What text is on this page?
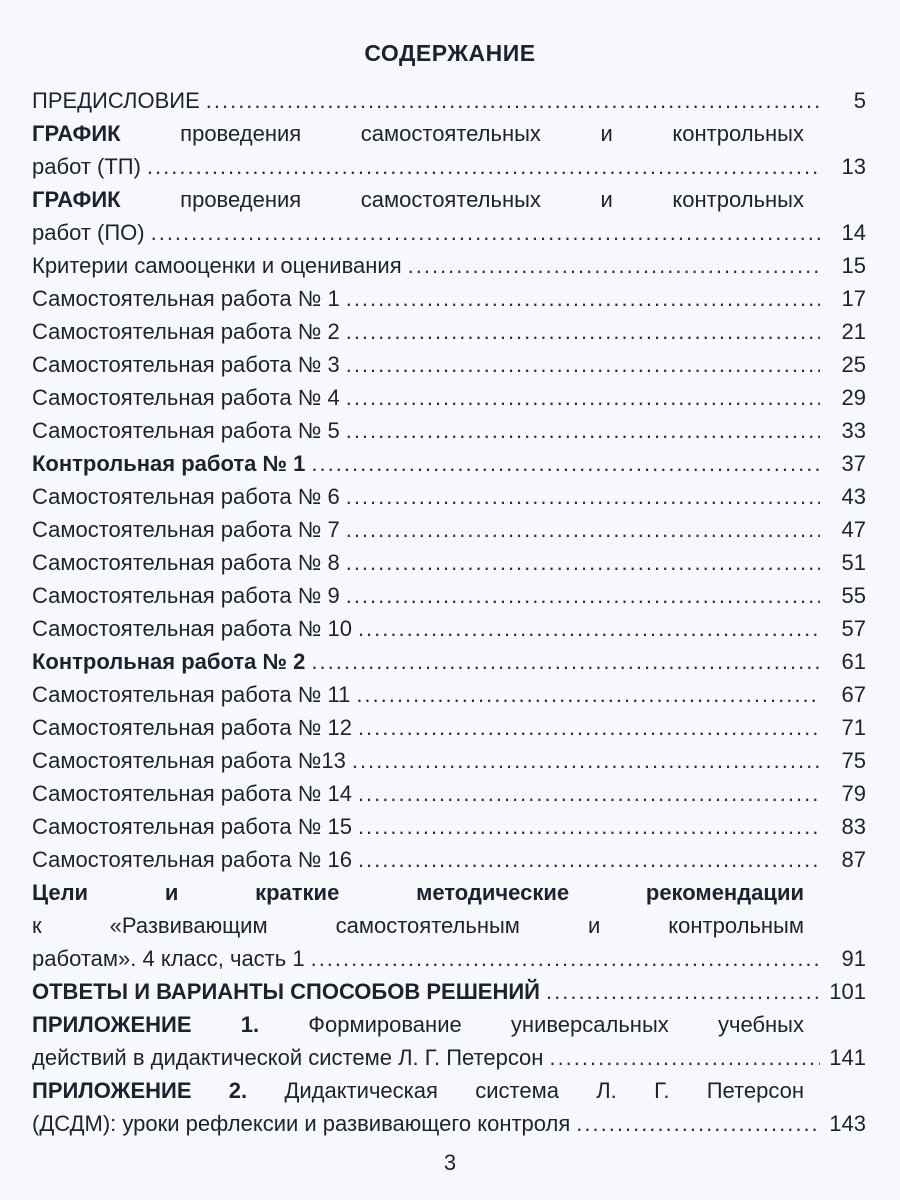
СОДЕРЖАНИЕ
ПРЕДИСЛОВИЕ .....	5
ГРАФИК	проведения самостоятельных и контрольных
работ (ТП) .....	13
ГРАФИК	проведения самостоятельных и контрольных
работ (ПО) .....	14
Критерии самооценки и оценивания .....	15
Самостоятельная работа № 1 .....	17
Самостоятельная работа № 2 .....	21
Самостоятельная работа № 3 .....	25
Самостоятельная работа № 4 .....	29
Самостоятельная работа № 5 .....	33
Контрольная работа № 1 .....	37
Самостоятельная работа № 6 .....	43
Самостоятельная работа № 7 .....	47
Самостоятельная работа № 8 .....	51
Самостоятельная работа № 9 .....	55
Самостоятельная работа № 10 .....	57
Контрольная работа № 2 .....	61
Самостоятельная работа № 11 .....	67
Самостоятельная работа № 12 .....	71
Самостоятельная работа №13 .....	75
Самостоятельная работа № 14 .....	79
Самостоятельная работа № 15 .....	83
Самостоятельная работа № 16 .....	87
Цели и краткие методические рекомендации
к «Развивающим самостоятельным и контрольным
работам». 4 класс, часть 1 .....	91
ОТВЕТЫ И ВАРИАНТЫ СПОСОБОВ РЕШЕНИЙ .....	101
ПРИЛОЖЕНИЕ 1. Формирование универсальных учебных
действий в дидактической системе Л. Г. Петерсон .....	141
ПРИЛОЖЕНИЕ 2. Дидактическая система Л. Г. Петерсон
(ДСДМ): уроки рефлексии и развивающего контроля .....	143
3
